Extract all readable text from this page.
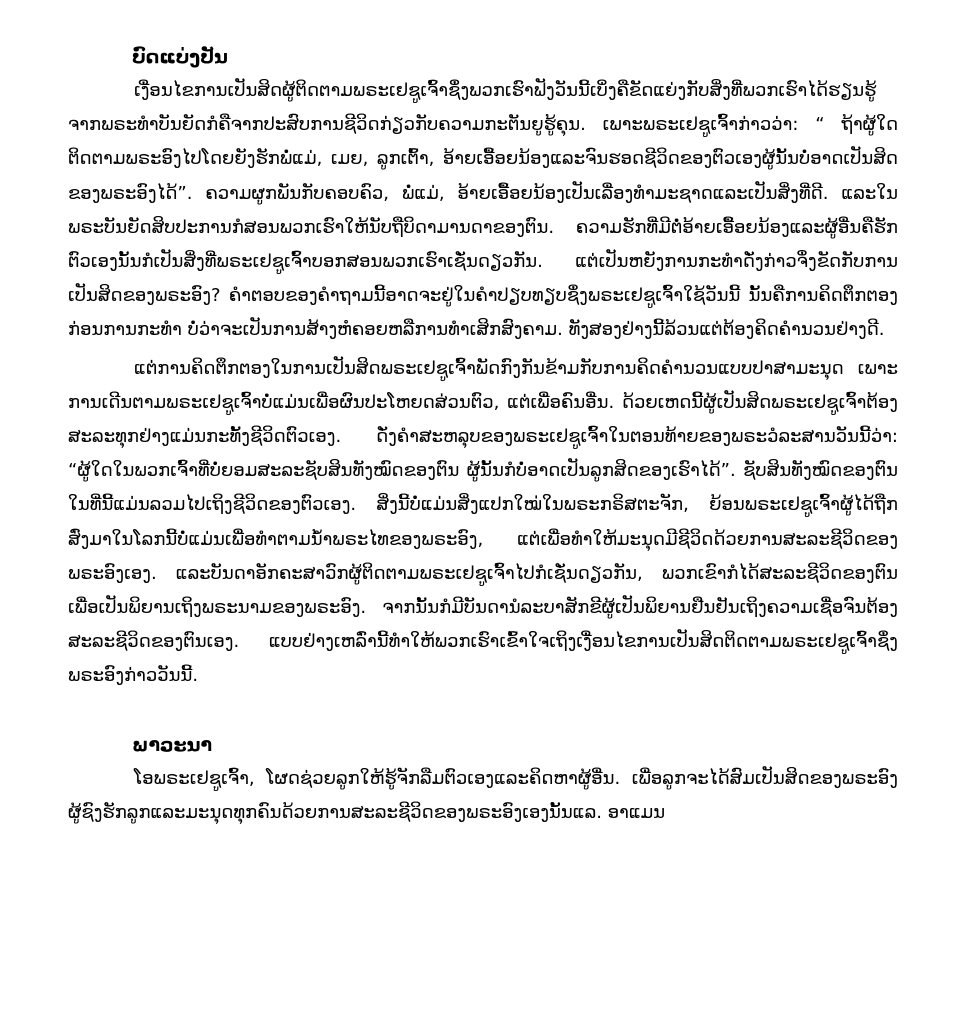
ບົດແບ່ງປັນ

ເງື່ອນໄຂການເປັນສິດຜູ້ຕິດຕາມພຣະເຢຊູເຈົ້າຊຶ່ງພວກເຮົາຟັງວັນນີ້ເບິ່ງຄືຂັດແຍ່ງກັບສິ່ງທີ່ພວກເຮົາໄດ້ຮຽນຮູ້ຈາກພຣະທຳບັນຍັດກໍຄືຈາກປະສົບການຊີວິດກ່ຽວກັບຄວາມກະຕັນຍູຮູ້ຄຸນ. ເພາະພຣະເຢຊູເຈົ້າກ່າວວ່າ: “ ຖ້າຜູ້ໃດຕິດຕາມພຣະອົງໄປໂດຍຍັງຮັກພໍ່ແມ່, ເມຍ, ລູກເຕົ້າ, ອ້າຍເອື້ອຍນ້ອງແລະຈົນຮອດຊີວິດຂອງຕົວເອງຜູ້ນັ້ນບໍ່ອາດເປັນສິດຂອງພຣະອົງໄດ້”. ຄວາມຜູກພັນກັບຄອບຄົວ, ພໍ່ແມ່, ອ້າຍເອື້ອຍນ້ອງເປັນເລື່ອງທຳມະຊາດແລະເປັນສິ່ງທີ່ດີ. ແລະໃນພຣະບັນຍັດສິບປະການກໍສອນພວກເຮົາໃຫ້ນັບຖືບິດາມານດາຂອງຕົນ. ຄວາມຮັກທີ່ມີຕໍ່ອ້າຍເອື້ອຍນ້ອງແລະຜູ້ອື່ນຄືຮັກຕົວເອງນັ້ນກໍເປັນສິ່ງທີ່ພຣະເຢຊູເຈົ້າບອກສອນພວກເຮົາເຊັ່ນດຽວກັນ. ແຕ່ເປັນຫຍັງການກະທຳດັ່ງກ່າວຈຶ່ງຂັດກັບການເປັນສິດຂອງພຣະອົງ? ຄຳຕອບຂອງຄຳຖາມນີ້ອາດຈະຢູ່ໃນຄຳປຽບທຽບຊຶ່ງພຣະເຢຊູເຈົ້າໃຊ້ວັນນີ້ ນັ້ນຄືການຄິດຕຶກຕອງກ່ອນການກະທຳ ບໍ່ວ່າຈະເປັນການສ້າງຫໍຄອຍຫລືການທຳເສິກສົງຄາມ. ທັງສອງຢ່າງນີ້ລ້ວນແຕ່ຕ້ອງຄິດຄຳນວນຢ່າງດີ.

ແຕ່ການຄິດຕຶກຕອງໃນການເປັນສິດພຣະເຢຊູເຈົ້າພັດກົງກັນຂ້າມກັບການຄິດຄຳນວນແບບປາສາມະນຸດ ເພາະການເດີນຕາມພຣະເຢຊູເຈົ້າບໍ່ແມ່ນເພື່ອຜົນປະໂຫຍດສ່ວນຕົວ, ແຕ່ເພື່ອຄົນອື່ນ. ດ້ວຍເຫດນີ້ຜູ້ເປັນສິດພຣະເຢຊູເຈົ້າຕ້ອງສະລະທຸກຢ່າງແມ່ນກະທັ້ງຊີວິດຕົວເອງ. ດັ່ງຄຳສະຫລຸບຂອງພຣະເຢຊູເຈົ້າໃນຕອນທ້າຍຂອງພຣະວໍລະສານວັນນີ້ວ່າ: “ຜູ້ໃດໃນພວກເຈົ້າທີ່ບໍ່ຍອມສະລະຊັບສິນທັງໝົດຂອງຕົນ ຜູ້ນັ້ນກໍບໍ່ອາດເປັນລູກສິດຂອງເຮົາໄດ້”. ຊັບສິນທັງໝົດຂອງຕົນໃນທີ່ນີ້ແມ່ນລວມໄປເຖິງຊີວິດຂອງຕົວເອງ. ສິ່ງນີ້ບໍ່ແມ່ນສິ່ງແປກໃໝ່ໃນພຣະກຣິສຕະຈັກ, ຍ້ອນພຣະເຢຊູເຈົ້າຜູ້ໄດ້ຖືກສົ່ງມາໃນໂລກນີ້ບໍ່ແມ່ນເພື່ອທຳຕາມນ້ຳພຣະໄທຂອງພຣະອົງ, ແຕ່ເພື່ອທຳໃຫ້ມະນຸດມີຊີວິດດ້ວຍການສະລະຊີວິດຂອງພຣະອົງເອງ. ແລະບັນດາອັກຄະສາວົກຜູ້ຕິດຕາມພຣະເຢຊູເຈົ້າໄປກໍເຊັ່ນດຽວກັນ, ພວກເຂົາກໍໄດ້ສະລະຊີວິດຂອງຕົນເພື່ອເປັນພິຍານເຖິງພຣະນາມຂອງພຣະອົງ. ຈາກນັ້ນກໍມີບັນດານໍລະບາສັກຂີຜູ້ເປັນພິຍານຢືນຢັນເຖິງຄວາມເຊື່ອຈົນຕ້ອງສະລະຊີວິດຂອງຕົນເອງ. ແບບຢ່າງເຫລົ່ານີ້ທຳໃຫ້ພວກເຮົາເຂົ້າໃຈເຖິງເງື່ອນໄຂການເປັນສິດຕິດຕາມພຣະເຢຊູເຈົ້າຊຶ່ງພຣະອົງກ່າວວັນນີ້.

ພາວະນາ

ໂອພຣະເຢຊູເຈົ້າ, ໂຜດຊ່ວຍລູກໃຫ້ຮູ້ຈັກລືມຕົວເອງແລະຄິດຫາຜູ້ອື່ນ. ເພື່ອລູກຈະໄດ້ສົມເປັນສິດຂອງພຣະອົງ ຜູ້ຊົງຮັກລູກແລະມະນຸດທຸກຄົນດ້ວຍການສະລະຊີວິດຂອງພຣະອົງເອງນັ້ນແລ. ອາແມນ
